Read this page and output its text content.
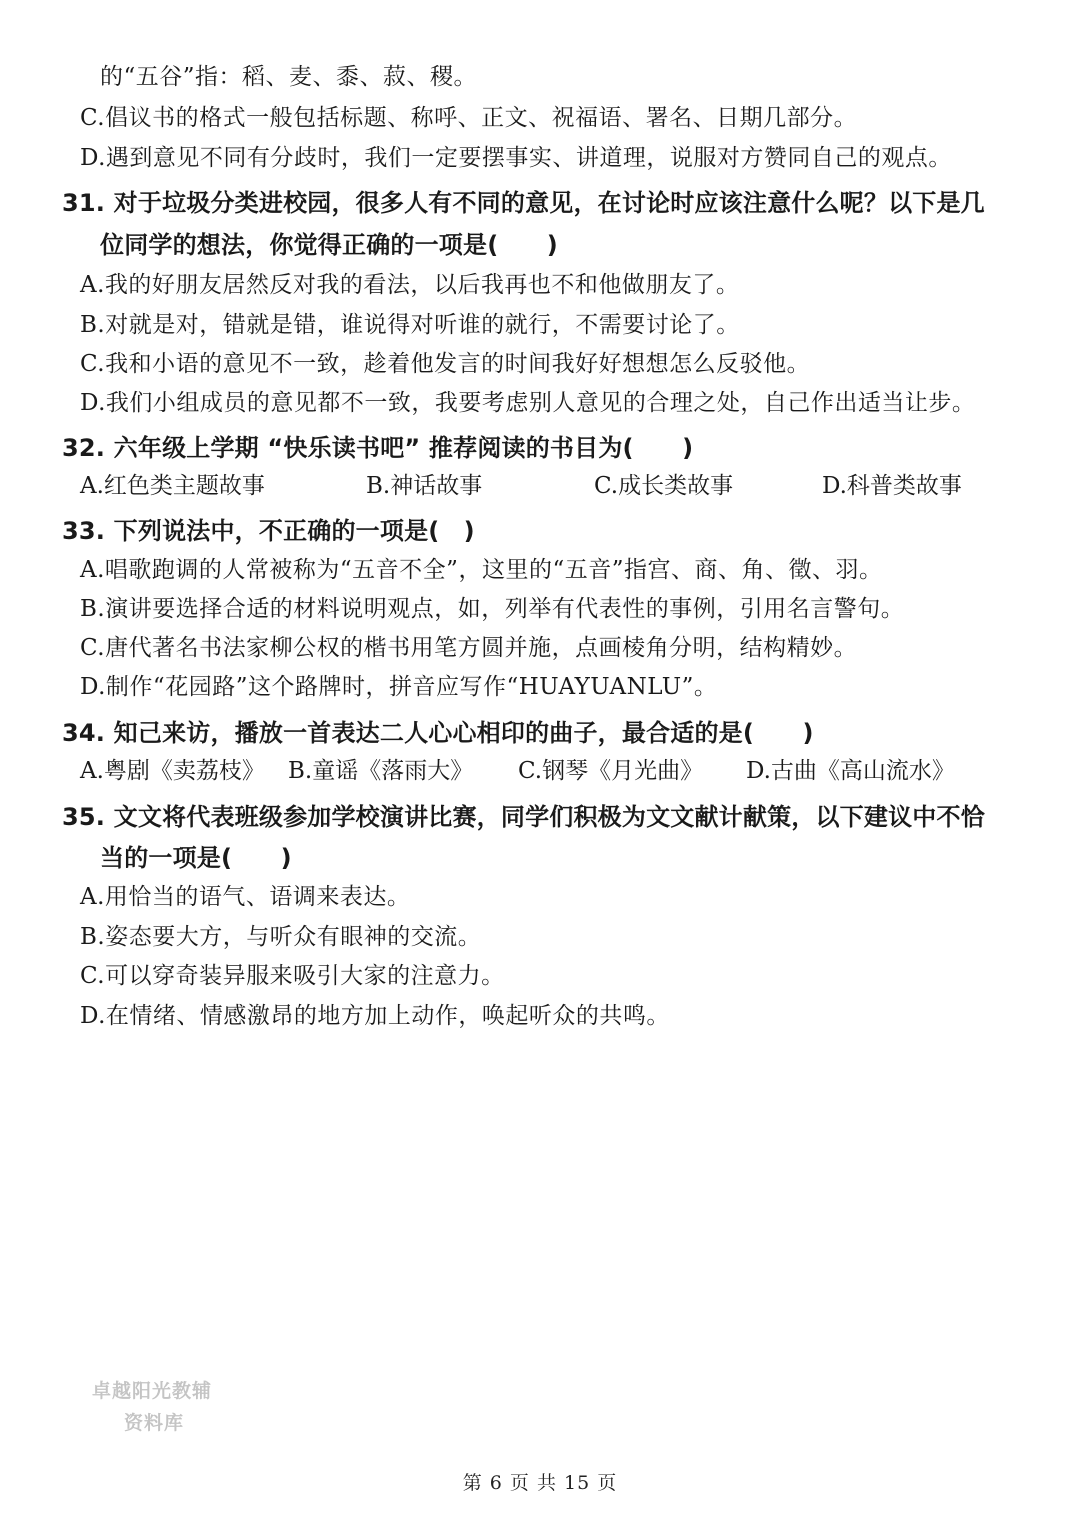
的“五谷”指：稻、麦、黍、菽、稷。
C.倡议书的格式一般包括标题、称呼、正文、祝福语、署名、日期几部分。
D.遇到意见不同有分歧时，我们一定要摆事实、讲道理，说服对方赞同自己的观点。
31. 对于垃圾分类进校园，很多人有不同的意见，在讨论时应该注意什么呢？以下是几
位同学的想法，你觉得正确的一项是(　　)
A.我的好朋友居然反对我的看法，以后我再也不和他做朋友了。
B.对就是对，错就是错，谁说得对听谁的就行，不需要讨论了。
C.我和小语的意见不一致，趁着他发言的时间我好好想想怎么反驳他。
D.我们小组成员的意见都不一致，我要考虑别人意见的合理之处，自己作出适当让步。
32. 六年级上学期 “快乐读书吧” 推荐阅读的书目为(　　)
A.红色类主题故事	B.神话故事	C.成长类故事	D.科普类故事
33. 下列说法中，不正确的一项是(　)
A.唱歌跑调的人常被称为“五音不全”，这里的“五音”指宫、商、角、徵、羽。
B.演讲要选择合适的材料说明观点，如，列举有代表性的事例，引用名言警句。
C.唐代著名书法家柳公权的楷书用笔方圆并施，点画棱角分明，结构精妙。
D.制作“花园路”这个路牌时，拼音应写作“HUAYUANLU”。
34. 知己来访，播放一首表达二人心心相印的曲子，最合适的是(　　)
A.粤剧《卖荔枝》 B.童谣《落雨大》 C.钢琴《月光曲》 D.古曲《高山流水》
35. 文文将代表班级参加学校演讲比赛，同学们积极为文文献计献策，以下建议中不恰
当的一项是(　　)
A.用恰当的语气、语调来表达。
B.姿态要大方，与听众有眼神的交流。
C.可以穿奇装异服来吸引大家的注意力。
D.在情绪、情感激昂的地方加上动作，唤起听众的共鸣。
卓越阳光教辅
资料库
第 6 页 共 15 页
